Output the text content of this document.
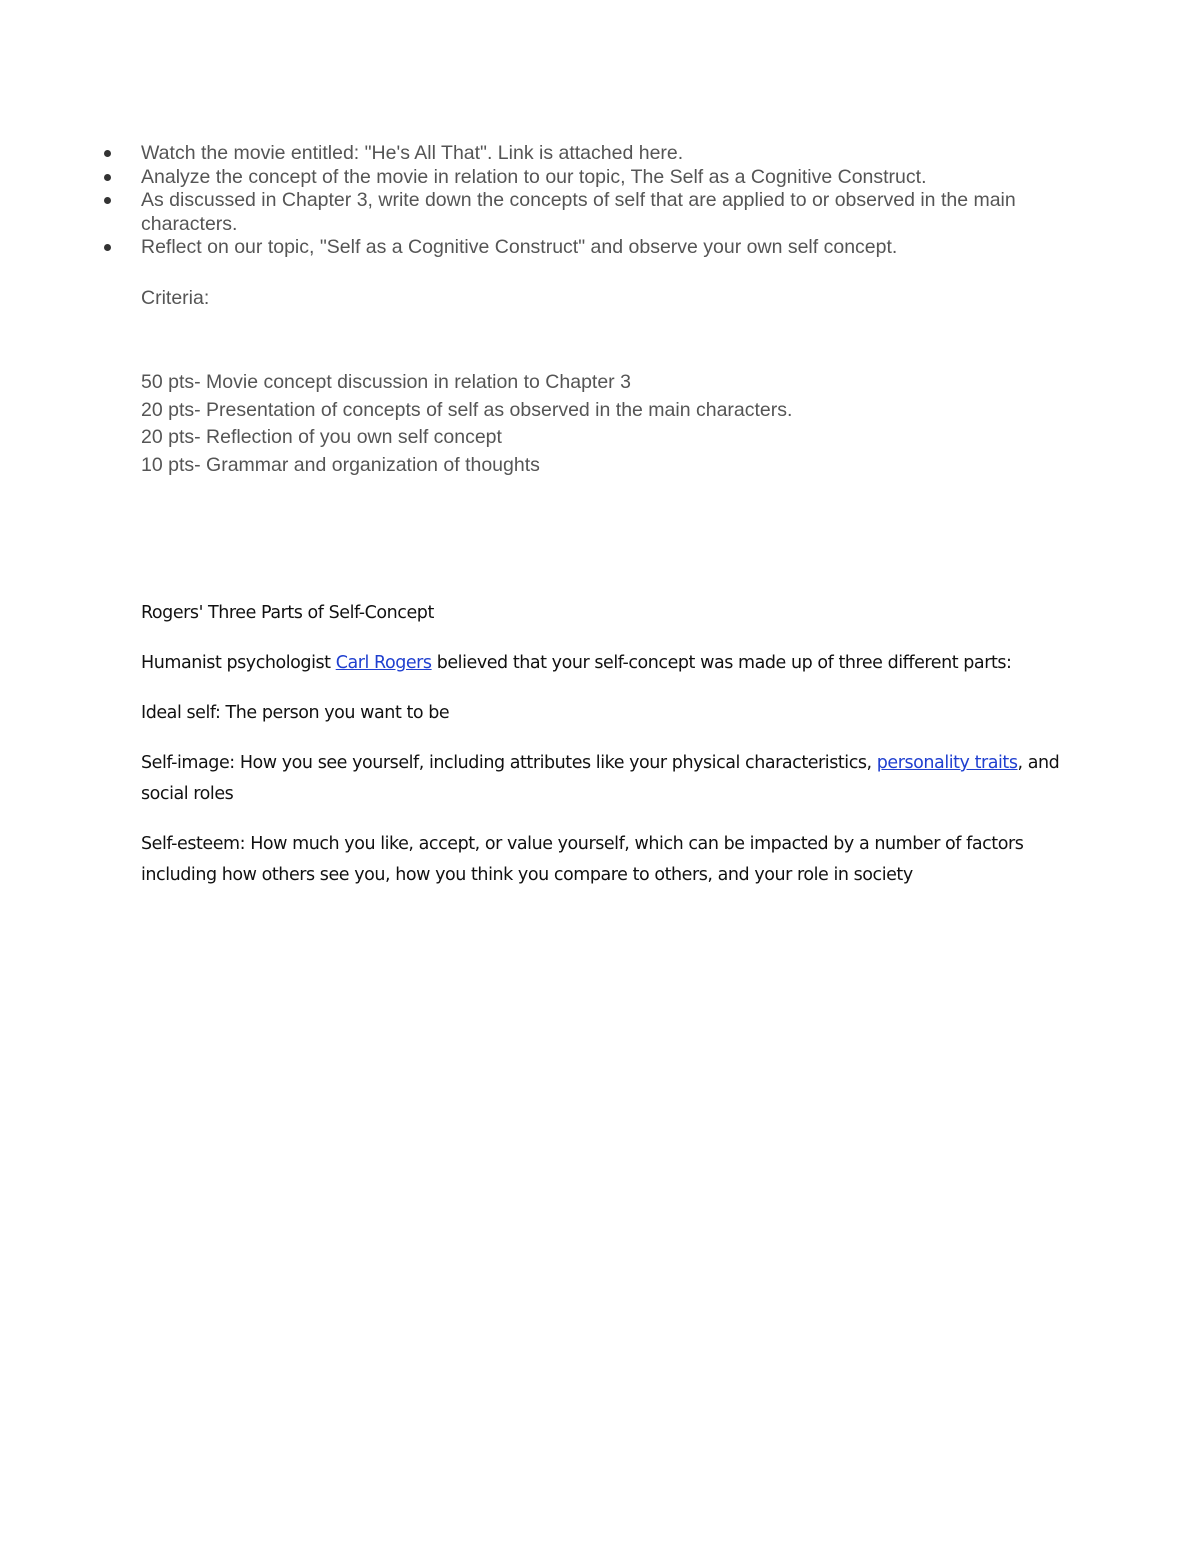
Watch the movie entitled: "He's All That". Link is attached here.
Analyze the concept of the movie in relation to our topic, The Self as a Cognitive Construct.
As discussed in Chapter 3, write down the concepts of self that are applied to or observed in the main characters.
Reflect on our topic, "Self as a Cognitive Construct" and observe your own self concept.
Criteria:
50 pts- Movie concept discussion in relation to Chapter 3
20 pts- Presentation of concepts of self as observed in the main characters.
20 pts- Reflection of you own self concept
10 pts- Grammar and organization of thoughts

Rogers' Three Parts of Self-Concept

Humanist psychologist Carl Rogers believed that your self-concept was made up of three different parts:

Ideal self: The person you want to be

Self-image: How you see yourself, including attributes like your physical characteristics, personality traits, and social roles

Self-esteem: How much you like, accept, or value yourself, which can be impacted by a number of factors including how others see you, how you think you compare to others, and your role in society
